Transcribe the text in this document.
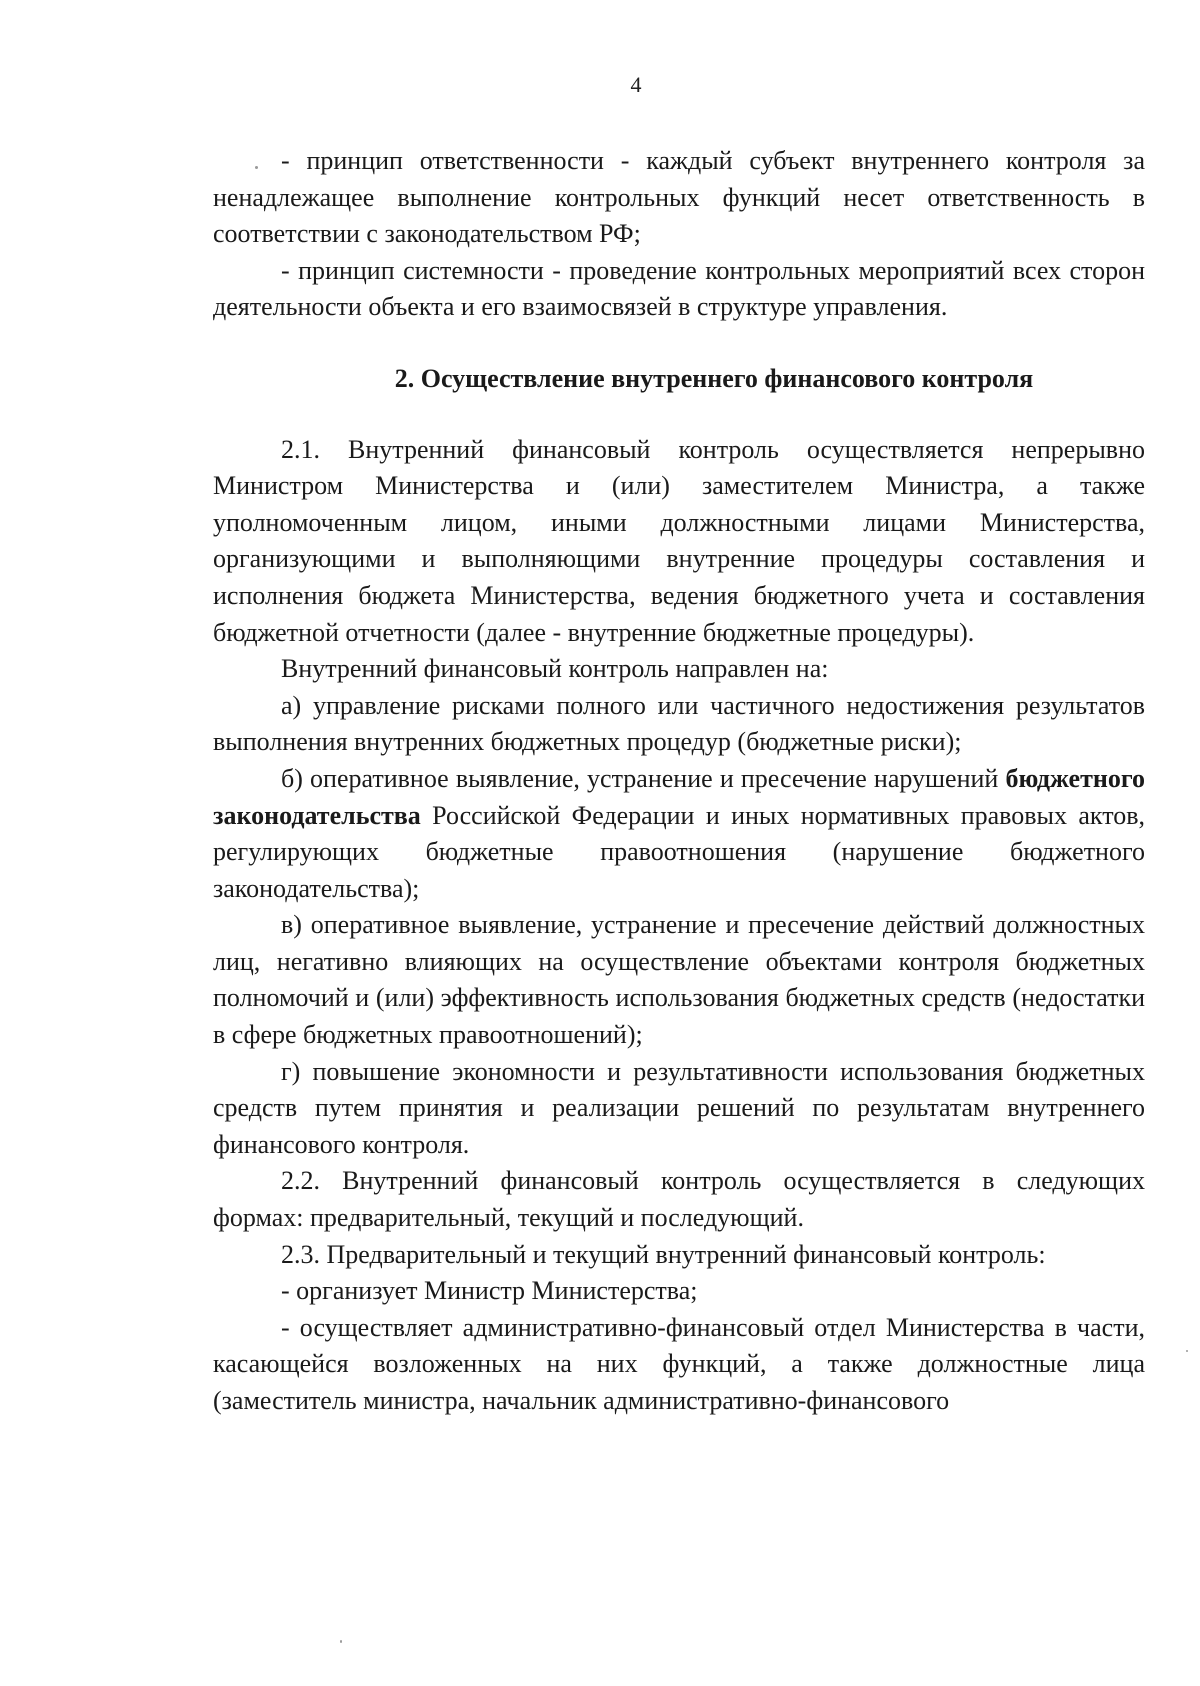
4

- принцип ответственности - каждый субъект внутреннего контроля за ненадлежащее выполнение контрольных функций несет ответственность в соответствии с законодательством РФ;

- принцип системности - проведение контрольных мероприятий всех сторон деятельности объекта и его взаимосвязей в структуре управления.

2. Осуществление внутреннего финансового контроля

2.1. Внутренний финансовый контроль осуществляется непрерывно Министром Министерства и (или) заместителем Министра, а также уполномоченным лицом, иными должностными лицами Министерства, организующими и выполняющими внутренние процедуры составления и исполнения бюджета Министерства, ведения бюджетного учета и составления бюджетной отчетности (далее - внутренние бюджетные процедуры).

Внутренний финансовый контроль направлен на:

а) управление рисками полного или частичного недостижения результатов выполнения внутренних бюджетных процедур (бюджетные риски);

б) оперативное выявление, устранение и пресечение нарушений бюджетного законодательства Российской Федерации и иных нормативных правовых актов, регулирующих бюджетные правоотношения (нарушение бюджетного законодательства);

в) оперативное выявление, устранение и пресечение действий должностных лиц, негативно влияющих на осуществление объектами контроля бюджетных полномочий и (или) эффективность использования бюджетных средств (недостатки в сфере бюджетных правоотношений);

г) повышение экономности и результативности использования бюджетных средств путем принятия и реализации решений по результатам внутреннего финансового контроля.

2.2. Внутренний финансовый контроль осуществляется в следующих формах: предварительный, текущий и последующий.

2.3. Предварительный и текущий внутренний финансовый контроль:

- организует Министр Министерства;

- осуществляет административно-финансовый отдел Министерства в части, касающейся возложенных на них функций, а также должностные лица (заместитель министра, начальник административно-финансового
